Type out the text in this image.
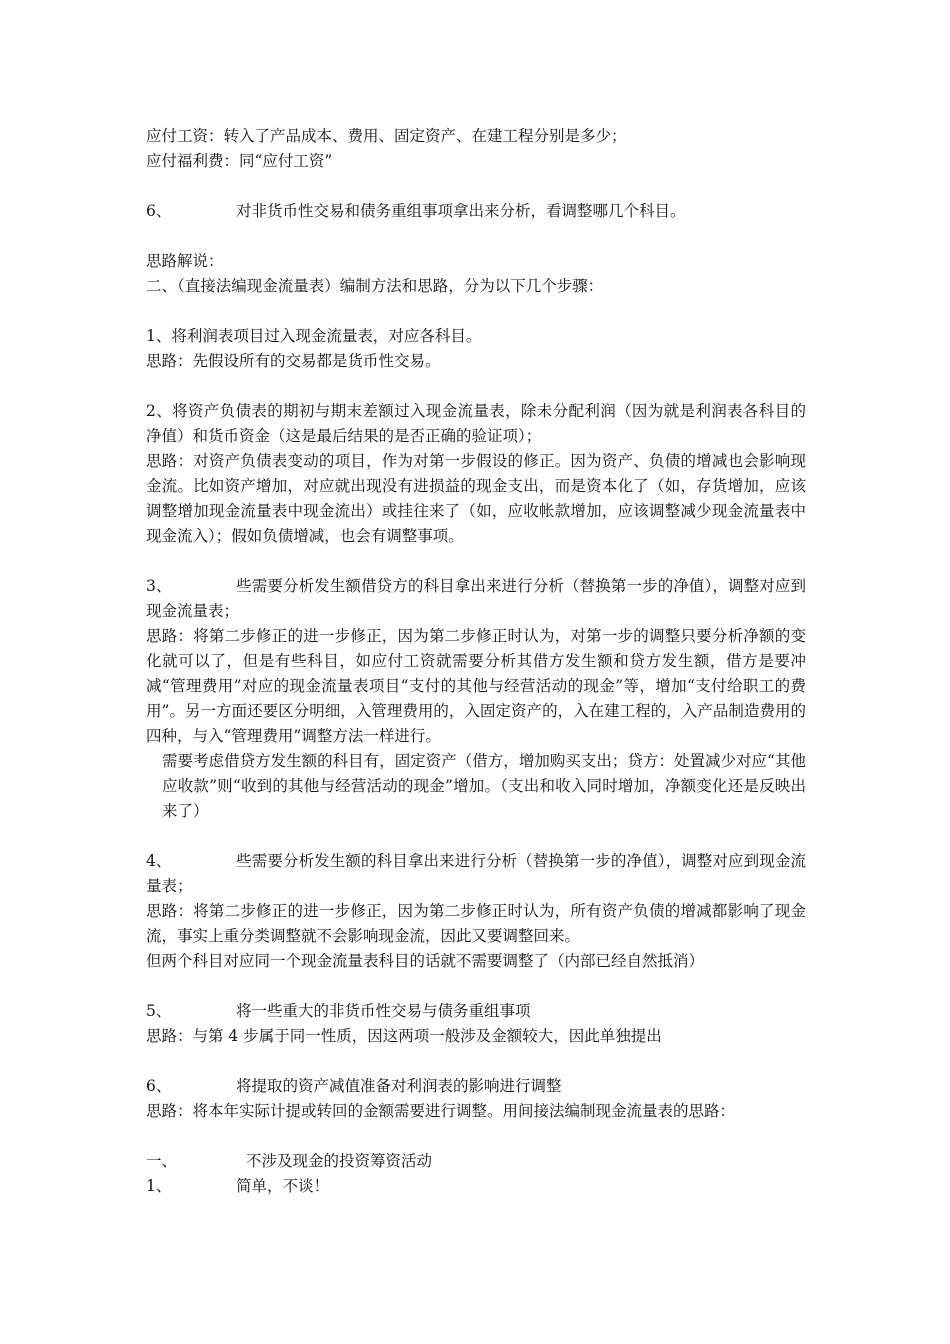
应付工资：转入了产品成本、费用、固定资产、在建工程分别是多少；
应付福利费：同“应付工资”
6、	对非货币性交易和债务重组事项拿出来分析，看调整哪几个科目。
思路解说：
二、（直接法编现金流量表）编制方法和思路，分为以下几个步骤：
1、将利润表项目过入现金流量表，对应各科目。
思路：先假设所有的交易都是货币性交易。
2、将资产负债表的期初与期末差额过入现金流量表，除未分配利润（因为就是利润表各科目的净值）和货币资金（这是最后结果的是否正确的验证项）；
思路：对资产负债表变动的项目，作为对第一步假设的修正。因为资产、负债的增减也会影响现金流。比如资产增加，对应就出现没有进损益的现金支出，而是资本化了（如，存货增加，应该调整增加现金流量表中现金流出）或挂往来了（如，应收帐款增加，应该调整减少现金流量表中现金流入）；假如负债增减，也会有调整事项。
3、	些需要分析发生额借贷方的科目拿出来进行分析（替换第一步的净值），调整对应到现金流量表；
思路：将第二步修正的进一步修正，因为第二步修正时认为，对第一步的调整只要分析净额的变化就可以了，但是有些科目，如应付工资就需要分析其借方发生额和贷方发生额，借方是要冲减“管理费用”对应的现金流量表项目“支付的其他与经营活动的现金”等，增加“支付给职工的费用”。另一方面还要区分明细，入管理费用的，入固定资产的，入在建工程的，入产品制造费用的四种，与入“管理费用”调整方法一样进行。
需要考虑借贷方发生额的科目有，固定资产（借方，增加购买支出；贷方：处置减少对应“其他应收款”则“收到的其他与经营活动的现金”增加。（支出和收入同时增加，净额变化还是反映出来了）
4、	些需要分析发生额的科目拿出来进行分析（替换第一步的净值），调整对应到现金流量表；
思路：将第二步修正的进一步修正，因为第二步修正时认为，所有资产负债的增减都影响了现金流，事实上重分类调整就不会影响现金流，因此又要调整回来。
但两个科目对应同一个现金流量表科目的话就不需要调整了（内部已经自然抵消）
5、	将一些重大的非货币性交易与债务重组事项
思路：与第 4 步属于同一性质，因这两项一般涉及金额较大，因此单独提出
6、	将提取的资产减值准备对利润表的影响进行调整
思路：将本年实际计提或转回的金额需要进行调整。用间接法编制现金流量表的思路：
一、	不涉及现金的投资筹资活动
1、	简单，不谈！
